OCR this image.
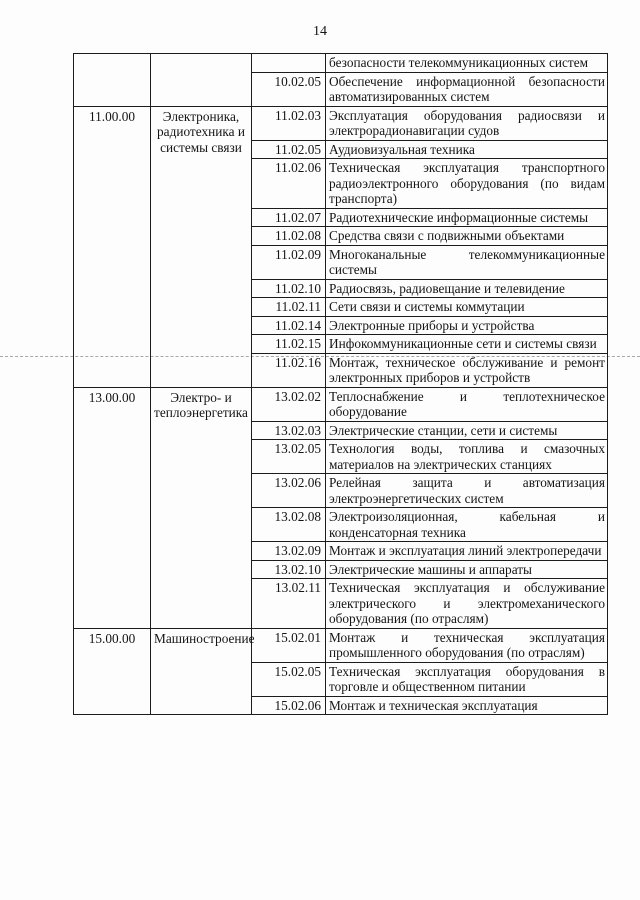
14
			безопасности телекоммуникационных систем
		10.02.05	Обеспечение информационной безопасности автоматизированных систем
11.00.00	Электроника, радиотехника и системы связи	11.02.03	Эксплуатация оборудования радиосвязи и электрорадионавигации судов
		11.02.05	Аудиовизуальная техника
		11.02.06	Техническая эксплуатация транспортного радиоэлектронного оборудования (по видам транспорта)
		11.02.07	Радиотехнические информационные системы
		11.02.08	Средства связи с подвижными объектами
		11.02.09	Многоканальные телекоммуникационные системы
		11.02.10	Радиосвязь, радиовещание и телевидение
		11.02.11	Сети связи и системы коммутации
		11.02.14	Электронные приборы и устройства
		11.02.15	Инфокоммуникационные сети и системы связи
		11.02.16	Монтаж, техническое обслуживание и ремонт электронных приборов и устройств
13.00.00	Электро- и теплоэнергетика	13.02.02	Теплоснабжение и теплотехническое оборудование
		13.02.03	Электрические станции, сети и системы
		13.02.05	Технология воды, топлива и смазочных материалов на электрических станциях
		13.02.06	Релейная защита и автоматизация электроэнергетических систем
		13.02.08	Электроизоляционная, кабельная и конденсаторная техника
		13.02.09	Монтаж и эксплуатация линий электропередачи
		13.02.10	Электрические машины и аппараты
		13.02.11	Техническая эксплуатация и обслуживание электрического и электромеханического оборудования (по отраслям)
15.00.00	Машиностроение	15.02.01	Монтаж и техническая эксплуатация промышленного оборудования (по отраслям)
		15.02.05	Техническая эксплуатация оборудования в торговле и общественном питании
		15.02.06	Монтаж и техническая эксплуатация
